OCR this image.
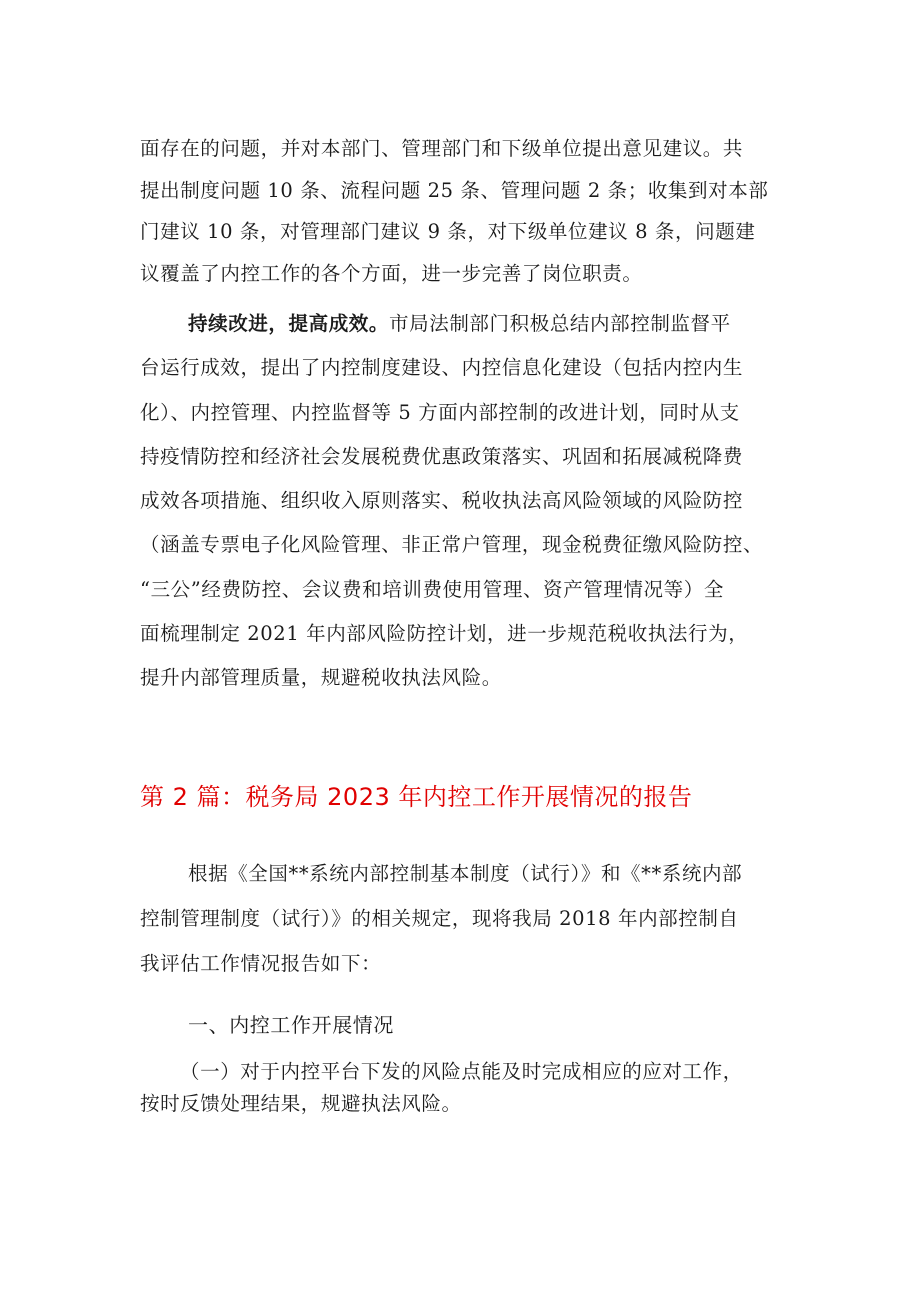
面存在的问题，并对本部门、管理部门和下级单位提出意见建议。共
提出制度问题 10 条、流程问题 25 条、管理问题 2 条；收集到对本部
门建议 10 条，对管理部门建议 9 条，对下级单位建议 8 条，问题建
议覆盖了内控工作的各个方面，进一步完善了岗位职责。
持续改进，提高成效。市局法制部门积极总结内部控制监督平
台运行成效，提出了内控制度建设、内控信息化建设（包括内控内生
化）、内控管理、内控监督等 5 方面内部控制的改进计划，同时从支
持疫情防控和经济社会发展税费优惠政策落实、巩固和拓展减税降费
成效各项措施、组织收入原则落实、税收执法高风险领域的风险防控
（涵盖专票电子化风险管理、非正常户管理，现金税费征缴风险防控、
“三公”经费防控、会议费和培训费使用管理、资产管理情况等）全
面梳理制定 2021 年内部风险防控计划，进一步规范税收执法行为，
提升内部管理质量，规避税收执法风险。
第 2 篇：税务局 2023 年内控工作开展情况的报告
根据《全国**系统内部控制基本制度（试行）》和《**系统内部
控制管理制度（试行）》的相关规定，现将我局 2018 年内部控制自
我评估工作情况报告如下：
一、内控工作开展情况
（一）对于内控平台下发的风险点能及时完成相应的应对工作，
按时反馈处理结果，规避执法风险。
